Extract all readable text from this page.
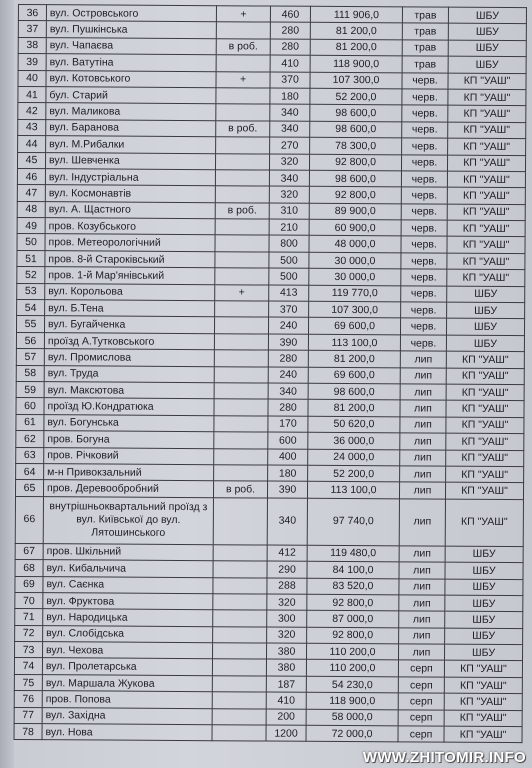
36	вул. Островського	+	460	111 906,0	трав	ШБУ
37	вул. Пушкінська		280	81 200,0	трав	ШБУ
38	вул. Чапаєва	в роб.	280	81 200,0	трав	ШБУ
39	вул. Ватутіна		410	118 900,0	трав	ШБУ
40	вул. Котовського	+	370	107 300,0	черв.	КП "УАШ"
41	бул. Старий		180	52 200,0	черв.	КП "УАШ"
42	вул. Маликова		340	98 600,0	черв.	КП "УАШ"
43	вул. Баранова	в роб.	340	98 600,0	черв.	КП "УАШ"
44	вул. М.Рибалки		270	78 300,0	черв.	КП "УАШ"
45	вул. Шевченка		320	92 800,0	черв.	КП "УАШ"
46	вул. Індустріальна		340	98 600,0	черв.	КП "УАШ"
47	вул. Космонавтів		320	92 800,0	черв.	КП "УАШ"
48	вул. А. Щастного	в роб.	310	89 900,0	черв.	КП "УАШ"
49	пров. Козубського		210	60 900,0	черв.	КП "УАШ"
50	пров. Метеорологічний		800	48 000,0	черв.	КП "УАШ"
51	пров. 8-й Староківський		500	30 000,0	черв.	КП "УАШ"
52	пров. 1-й Мар'янівський		500	30 000,0	черв.	КП "УАШ"
53	вул. Корольова	+	413	119 770,0	черв.	ШБУ
54	вул. Б.Тена		370	107 300,0	черв.	ШБУ
55	вул. Бугайченка		240	69 600,0	черв.	ШБУ
56	проїзд А.Тутковського		390	113 100,0	черв.	ШБУ
57	вул. Промислова		280	81 200,0	лип	КП "УАШ"
58	вул. Труда		240	69 600,0	лип	КП "УАШ"
59	вул. Максютова		340	98 600,0	лип	КП "УАШ"
60	проїзд Ю.Кондратюка		280	81 200,0	лип	КП "УАШ"
61	вул. Богунська		170	50 620,0	лип	КП "УАШ"
62	пров. Богуна		600	36 000,0	лип	КП "УАШ"
63	пров. Річковий		400	24 000,0	лип	КП "УАШ"
64	м-н Привокзальний		180	52 200,0	лип	КП "УАШ"
65	пров. Деревообробний	в роб.	390	113 100,0	лип	КП "УАШ"
66	внутрішньоквартальний проїзд з вул. Київської до вул. Лятошинського		340	97 740,0	лип	КП "УАШ"
67	пров. Шкільний		412	119 480,0	лип	ШБУ
68	вул. Кибальчича		290	84 100,0	лип	ШБУ
69	вул. Саєнка		288	83 520,0	лип	ШБУ
70	вул. Фруктова		320	92 800,0	лип	ШБУ
71	вул. Народицька		300	87 000,0	лип	ШБУ
72	вул. Слобідська		320	92 800,0	лип	ШБУ
73	вул. Чехова		380	110 200,0	лип	ШБУ
74	вул. Пролетарська		380	110 200,0	серп	КП "УАШ"
75	вул. Маршала Жукова		187	54 230,0	серп	КП "УАШ"
76	пров. Попова		410	118 900,0	серп	КП "УАШ"
77	вул. Західна		200	58 000,0	серп	КП "УАШ"
78	вул. Нова		1200	72 000,0	серп	КП "УАШ"
WWW.ZHITOMIR.INFO
